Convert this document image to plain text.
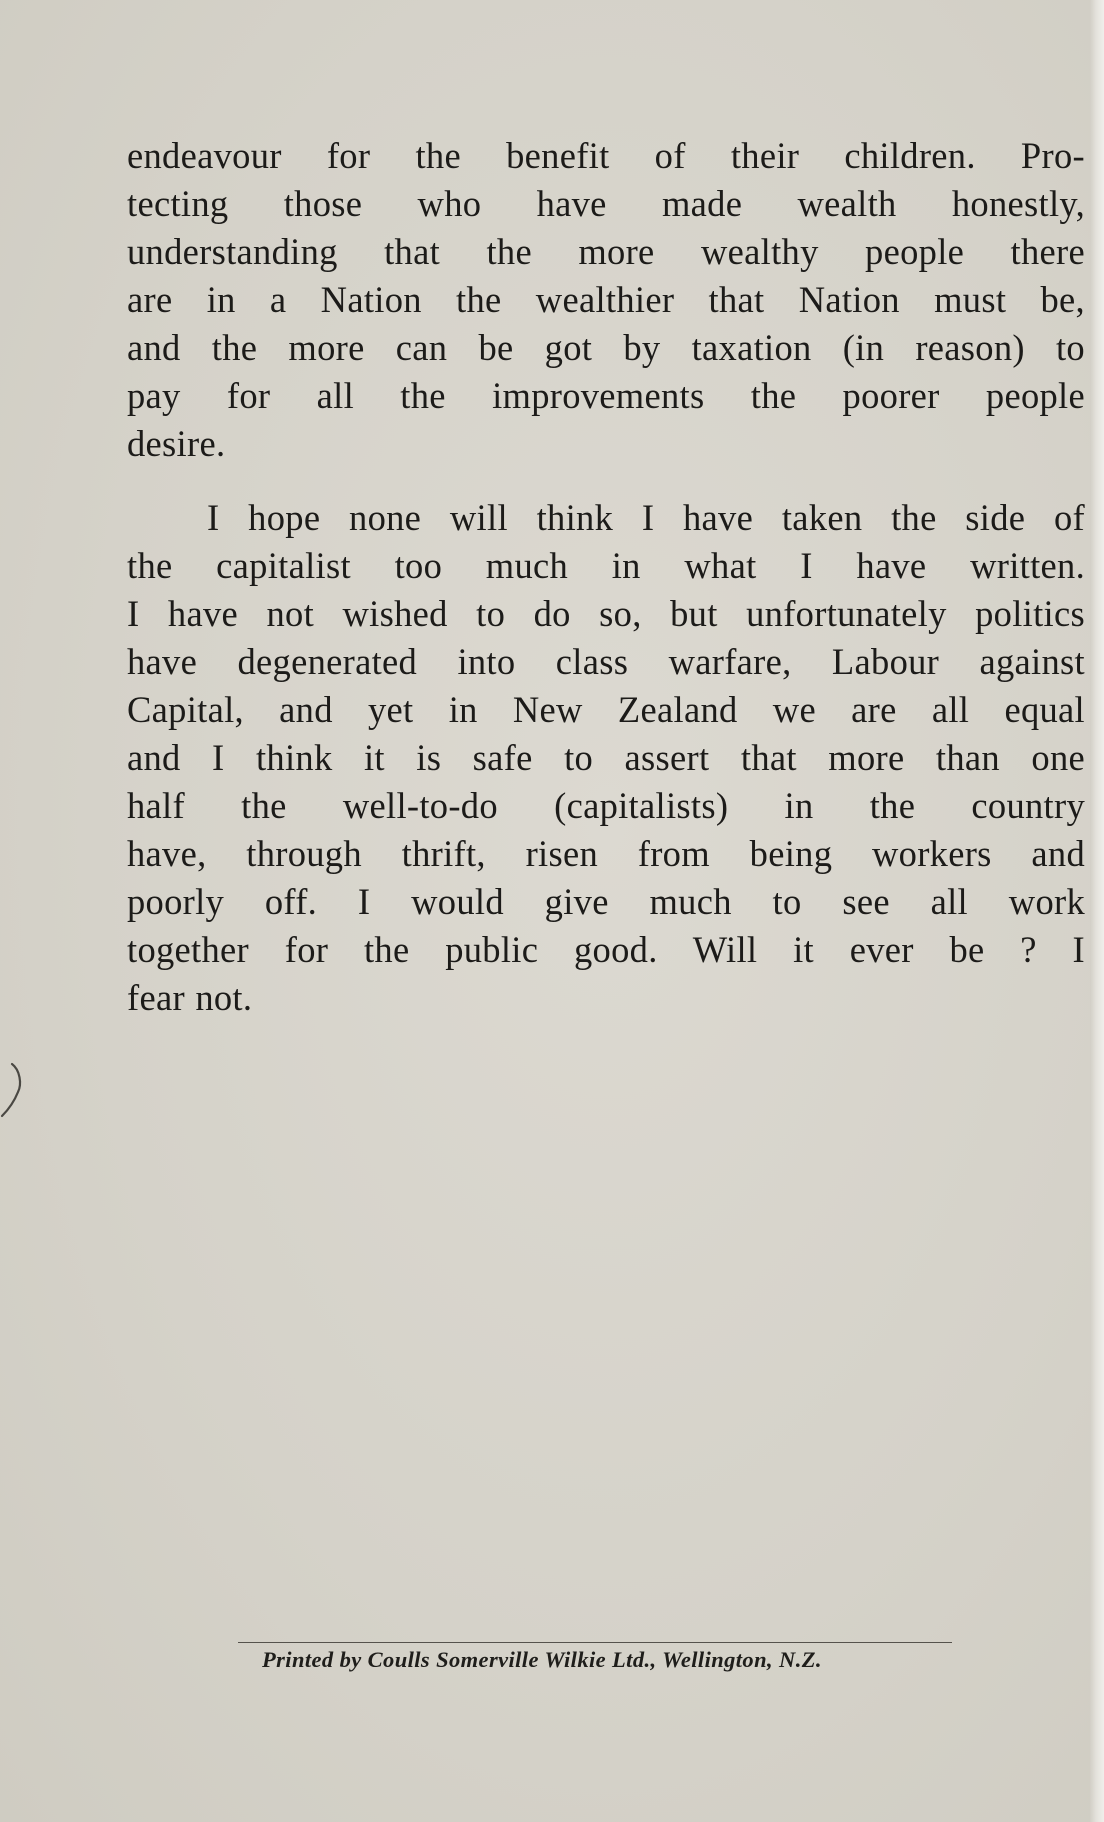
endeavour for the benefit of their children. Pro-
tecting those who have made wealth honestly,
understanding that the more wealthy people there
are in a Nation the wealthier that Nation must be,
and the more can be got by taxation (in reason) to
pay for all the improvements the poorer people
desire.
I hope none will think I have taken the side of
the capitalist too much in what I have written.
I have not wished to do so, but unfortunately politics
have degenerated into class warfare, Labour against
Capital, and yet in New Zealand we are all equal
and I think it is safe to assert that more than one
half the well-to-do (capitalists) in the country
have, through thrift, risen from being workers and
poorly off. I would give much to see all work
together for the public good. Will it ever be ? I
fear not.
Printed by Coulls Somerville Wilkie Ltd., Wellington, N.Z.
